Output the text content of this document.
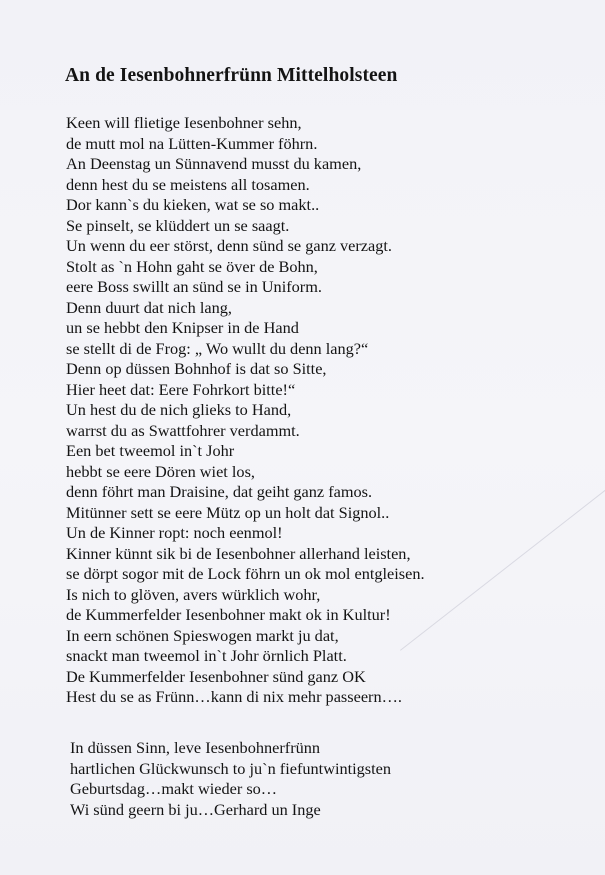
An de Iesenbohnerfrünn Mittelholsteen
Keen will flietige Iesenbohner sehn,
de mutt mol na Lütten-Kummer föhrn.
An Deenstag un Sünnavend musst du kamen,
denn hest du se meistens all tosamen.
Dor kann`s du kieken, wat se so makt..
Se pinselt, se klüddert un se saagt.
Un wenn du eer störst, denn sünd se ganz verzagt.
Stolt as `n Hohn gaht se över de Bohn,
eere Boss swillt an sünd se in Uniform.
Denn duurt dat nich lang,
un se hebbt den Knipser in de Hand
se stellt di de Frog: „ Wo wullt du denn lang?“
Denn op düssen Bohnhof is dat so Sitte,
Hier heet dat: Eere Fohrkort bitte!“
Un hest du de nich glieks to Hand,
warrst du as Swattfohrer verdammt.
Een bet tweemol in`t Johr
hebbt se eere Dören wiet los,
denn föhrt man Draisine, dat geiht ganz famos.
Mitünner sett se eere Mütz op un holt dat Signol..
Un de Kinner ropt: noch eenmol!
Kinner künnt sik bi de Iesenbohner allerhand leisten,
se dörpt sogor mit de Lock föhrn un ok mol entgleisen.
Is nich to glöven, avers würklich wohr,
de Kummerfelder Iesenbohner makt ok in Kultur!
In eern schönen Spieswogen markt ju dat,
snackt man tweemol in`t Johr örnlich Platt.
De Kummerfelder Iesenbohner sünd ganz OK
Hest du se as Frünn…kann di nix mehr passeern….
In düssen Sinn, leve Iesenbohnerfrünn
hartlichen Glückwunsch to ju`n fiefuntwintigsten
Geburtsdag…makt wieder so…
Wi sünd geern bi ju…Gerhard un Inge
